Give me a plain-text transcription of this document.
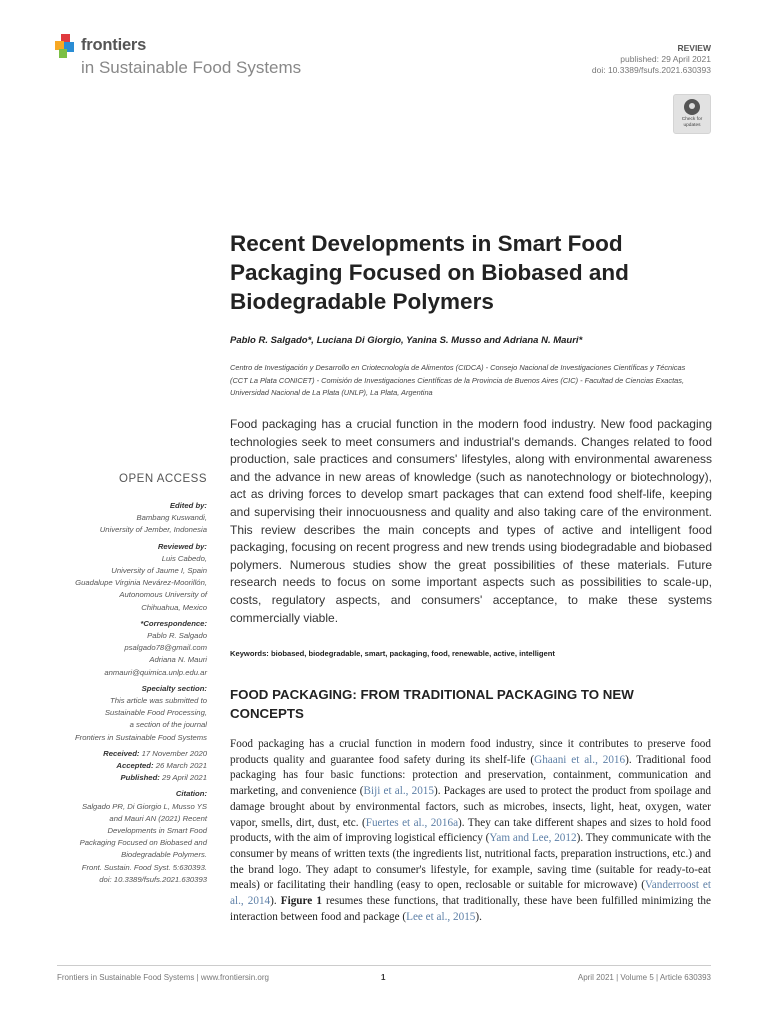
frontiers
in Sustainable Food Systems
REVIEW
published: 29 April 2021
doi: 10.3389/fsufs.2021.630393
Check for
updates
Recent Developments in Smart Food Packaging Focused on Biobased and Biodegradable Polymers
Pablo R. Salgado*, Luciana Di Giorgio, Yanina S. Musso and Adriana N. Mauri*
Centro de Investigación y Desarrollo en Criotecnología de Alimentos (CIDCA) - Consejo Nacional de Investigaciones Científicas y Técnicas (CCT La Plata CONICET) - Comisión de Investigaciones Científicas de la Provincia de Buenos Aires (CIC) - Facultad de Ciencias Exactas, Universidad Nacional de La Plata (UNLP), La Plata, Argentina

Food packaging has a crucial function in the modern food industry. New food packaging technologies seek to meet consumers and industrial's demands. Changes related to food production, sale practices and consumers' lifestyles, along with environmental awareness and the advance in new areas of knowledge (such as nanotechnology or biotechnology), act as driving forces to develop smart packages that can extend food shelf-life, keeping and supervising their innocuousness and quality and also taking care of the environment. This review describes the main concepts and types of active and intelligent food packaging, focusing on recent progress and new trends using biodegradable and biobased polymers. Numerous studies show the great possibilities of these materials. Future research needs to focus on some important aspects such as possibilities to scale-up, costs, regulatory aspects, and consumers' acceptance, to make these systems commercially viable.

Keywords: biobased, biodegradable, smart, packaging, food, renewable, active, intelligent
FOOD PACKAGING: FROM TRADITIONAL PACKAGING TO NEW CONCEPTS

Food packaging has a crucial function in modern food industry, since it contributes to preserve food products quality and guarantee food safety during its shelf-life (Ghaani et al., 2016). Traditional food packaging has four basic functions: protection and preservation, containment, communication and marketing, and convenience (Biji et al., 2015). Packages are used to protect the product from spoilage and damage brought about by environmental factors, such as microbes, insects, light, heat, oxygen, water vapor, smells, dirt, dust, etc. (Fuertes et al., 2016a). They can take different shapes and sizes to hold food products, with the aim of improving logistical efficiency (Yam and Lee, 2012). They communicate with the consumer by means of written texts (the ingredients list, nutritional facts, preparation instructions, etc.) and the brand logo. They adapt to consumer's lifestyle, for example, saving time (suitable for ready-to-eat meals) or facilitating their handling (easy to open, reclosable or suitable for microwave) (Vanderroost et al., 2014). Figure 1 resumes these functions, that traditionally, these have been fulfilled minimizing the interaction between food and package (Lee et al., 2015).

OPEN ACCESS
Edited by:
Bambang Kuswandi,
University of Jember, Indonesia
Reviewed by:
Luis Cabedo,
University of Jaume I, Spain
Guadalupe Virginia Nevárez-Moorillón,
Autonomous University of
Chihuahua, Mexico
*Correspondence:
Pablo R. Salgado
psalgado78@gmail.com
Adriana N. Mauri
anmauri@quimica.unlp.edu.ar
Specialty section:
This article was submitted to
Sustainable Food Processing,
a section of the journal
Frontiers in Sustainable Food Systems
Received: 17 November 2020
Accepted: 26 March 2021
Published: 29 April 2021
Citation:
Salgado PR, Di Giorgio L, Musso YS
and Mauri AN (2021) Recent
Developments in Smart Food
Packaging Focused on Biobased and
Biodegradable Polymers.
Front. Sustain. Food Syst. 5:630393.
doi: 10.3389/fsufs.2021.630393
Frontiers in Sustainable Food Systems | www.frontiersin.org	1	April 2021 | Volume 5 | Article 630393
